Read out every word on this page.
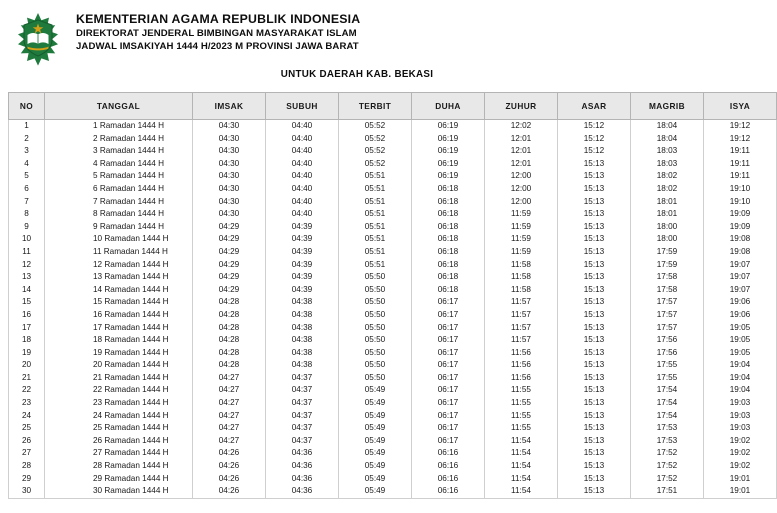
KEMENTERIAN AGAMA REPUBLIK INDONESIA
DIREKTORAT JENDERAL BIMBINGAN MASYARAKAT ISLAM
JADWAL IMSAKIYAH 1444 H/2023 M PROVINSI JAWA BARAT
UNTUK DAERAH KAB. BEKASI
NO	TANGGAL	IMSAK	SUBUH	TERBIT	DUHA	ZUHUR	ASAR	MAGRIB	ISYA
1	1 Ramadan 1444 H	04:30	04:40	05:52	06:19	12:02	15:12	18:04	19:12
2	2 Ramadan 1444 H	04:30	04:40	05:52	06:19	12:01	15:12	18:04	19:12
3	3 Ramadan 1444 H	04:30	04:40	05:52	06:19	12:01	15:12	18:03	19:11
4	4 Ramadan 1444 H	04:30	04:40	05:52	06:19	12:01	15:13	18:03	19:11
5	5 Ramadan 1444 H	04:30	04:40	05:51	06:19	12:00	15:13	18:02	19:11
6	6 Ramadan 1444 H	04:30	04:40	05:51	06:18	12:00	15:13	18:02	19:10
7	7 Ramadan 1444 H	04:30	04:40	05:51	06:18	12:00	15:13	18:01	19:10
8	8 Ramadan 1444 H	04:30	04:40	05:51	06:18	11:59	15:13	18:01	19:09
9	9 Ramadan 1444 H	04:29	04:39	05:51	06:18	11:59	15:13	18:00	19:09
10	10 Ramadan 1444 H	04:29	04:39	05:51	06:18	11:59	15:13	18:00	19:08
11	11 Ramadan 1444 H	04:29	04:39	05:51	06:18	11:59	15:13	17:59	19:08
12	12 Ramadan 1444 H	04:29	04:39	05:51	06:18	11:58	15:13	17:59	19:07
13	13 Ramadan 1444 H	04:29	04:39	05:50	06:18	11:58	15:13	17:58	19:07
14	14 Ramadan 1444 H	04:29	04:39	05:50	06:18	11:58	15:13	17:58	19:07
15	15 Ramadan 1444 H	04:28	04:38	05:50	06:17	11:57	15:13	17:57	19:06
16	16 Ramadan 1444 H	04:28	04:38	05:50	06:17	11:57	15:13	17:57	19:06
17	17 Ramadan 1444 H	04:28	04:38	05:50	06:17	11:57	15:13	17:57	19:05
18	18 Ramadan 1444 H	04:28	04:38	05:50	06:17	11:57	15:13	17:56	19:05
19	19 Ramadan 1444 H	04:28	04:38	05:50	06:17	11:56	15:13	17:56	19:05
20	20 Ramadan 1444 H	04:28	04:38	05:50	06:17	11:56	15:13	17:55	19:04
21	21 Ramadan 1444 H	04:27	04:37	05:50	06:17	11:56	15:13	17:55	19:04
22	22 Ramadan 1444 H	04:27	04:37	05:49	06:17	11:55	15:13	17:54	19:04
23	23 Ramadan 1444 H	04:27	04:37	05:49	06:17	11:55	15:13	17:54	19:03
24	24 Ramadan 1444 H	04:27	04:37	05:49	06:17	11:55	15:13	17:54	19:03
25	25 Ramadan 1444 H	04:27	04:37	05:49	06:17	11:55	15:13	17:53	19:03
26	26 Ramadan 1444 H	04:27	04:37	05:49	06:17	11:54	15:13	17:53	19:02
27	27 Ramadan 1444 H	04:26	04:36	05:49	06:16	11:54	15:13	17:52	19:02
28	28 Ramadan 1444 H	04:26	04:36	05:49	06:16	11:54	15:13	17:52	19:02
29	29 Ramadan 1444 H	04:26	04:36	05:49	06:16	11:54	15:13	17:52	19:01
30	30 Ramadan 1444 H	04:26	04:36	05:49	06:16	11:54	15:13	17:51	19:01
